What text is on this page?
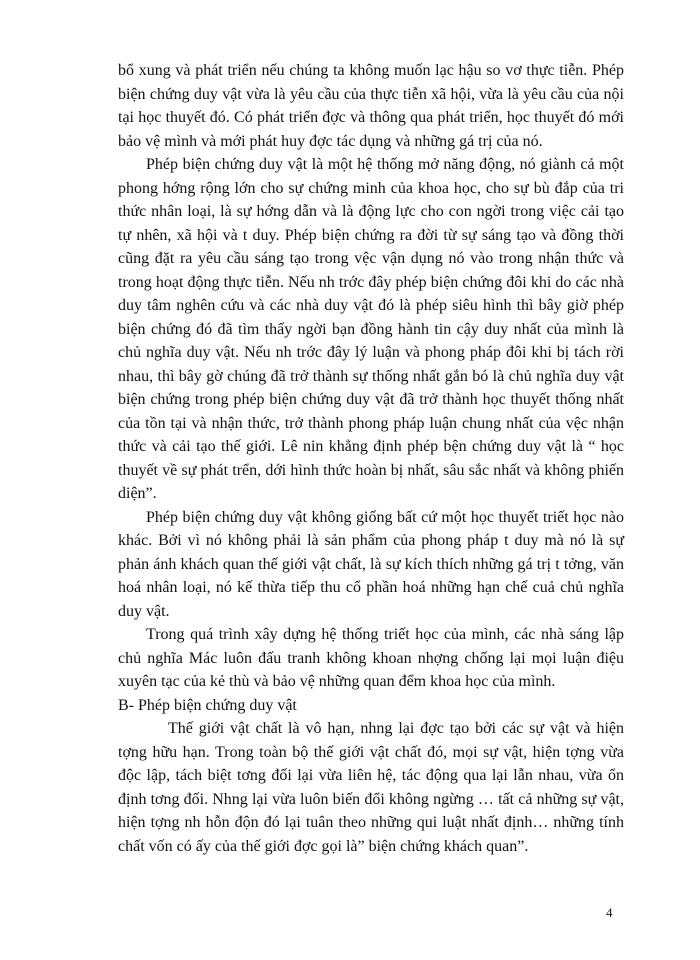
bổ xung và phát triển nếu chúng ta không muốn lạc hậu so vơ thực tiễn. Phép biện chứng duy vật vừa là yêu cầu của thực tiễn xã hội, vừa là yêu cầu của nội tại học thuyết đó. Có phát triển đợc và thông qua phát triển, học thuyết đó mới bảo vệ mình và mới phát huy đợc tác dụng và những gá trị của nó.

Phép biện chứng duy vật là một hệ thống mở năng động, nó giành cả một phong hớng rộng lớn cho sự chứng minh của khoa học, cho sự bù đắp của tri thức nhân loại, là sự hớng dẫn và là động lực cho con ngời trong việc cải tạo tự nhên, xã hội và t duy. Phép biện chứng ra đời từ sự sáng tạo và đồng thời cũng đặt ra yêu cầu sáng tạo trong vệc vận dụng nó vào trong nhận thức và trong hoạt động thực tiễn. Nếu nh trớc đây phép biện chứng đôi khi do các nhà duy tâm nghên cứu và các nhà duy vật đó là phép siêu hình thì bây giờ phép biện chứng đó đã tìm thấy ngời bạn đồng hành tin cậy duy nhất của mình là chủ nghĩa duy vật. Nếu nh trớc đây lý luận và phong pháp đôi khi bị tách rời nhau, thì bây gờ chúng đã trở thành sự thống nhất gắn bó là chủ nghĩa duy vật biện chứng trong phép biện chứng duy vật đã trở thành học thuyết thống nhất của tồn tại và nhận thức, trở thành phong pháp luận chung nhất của vệc nhận thức và cải tạo thế giới. Lê nin khẳng định phép bện chứng duy vật là “ học thuyết về sự phát trển, dới hình thức hoàn bị nhất, sâu sắc nhất và không phiến diện”.

Phép biện chứng duy vật không giống bất cứ một học thuyết triết học nào khác. Bởi vì nó không phải là sản phẩm của phong pháp t duy mà nó là sự phản ánh khách quan thế giới vật chất, là sự kích thích những gá trị t tởng, văn hoá nhân loại, nó kế thừa tiếp thu cổ phần hoá những hạn chế cuả chủ nghĩa duy vật.

Trong quá trình xây dựng hệ thống triết học của mình, các nhà sáng lập chủ nghĩa Mác luôn đấu tranh không khoan nhợng chống lại mọi luận điệu xuyên tạc của kẻ thù và bảo vệ những quan đểm khoa học của mình.

B- Phép biện chứng duy vật

Thế giới vật chất là vô hạn, nhng lại đợc tạo bởi các sự vật và hiện tợng hữu hạn. Trong toàn bộ thế giới vật chất đó, mọi sự vật, hiện tợng vừa độc lập, tách biệt tơng đối lại vừa liên hệ, tác động qua lại lẫn nhau, vừa ổn định tơng đối. Nhng lại vừa luôn biến đổi không ngừng … tất cả những sự vật, hiện tợng nh hỗn độn đó lại tuân theo những qui luật nhất định… những tính chất vốn có ấy của thế giới đợc gọi là” biện chứng khách quan”.

4
